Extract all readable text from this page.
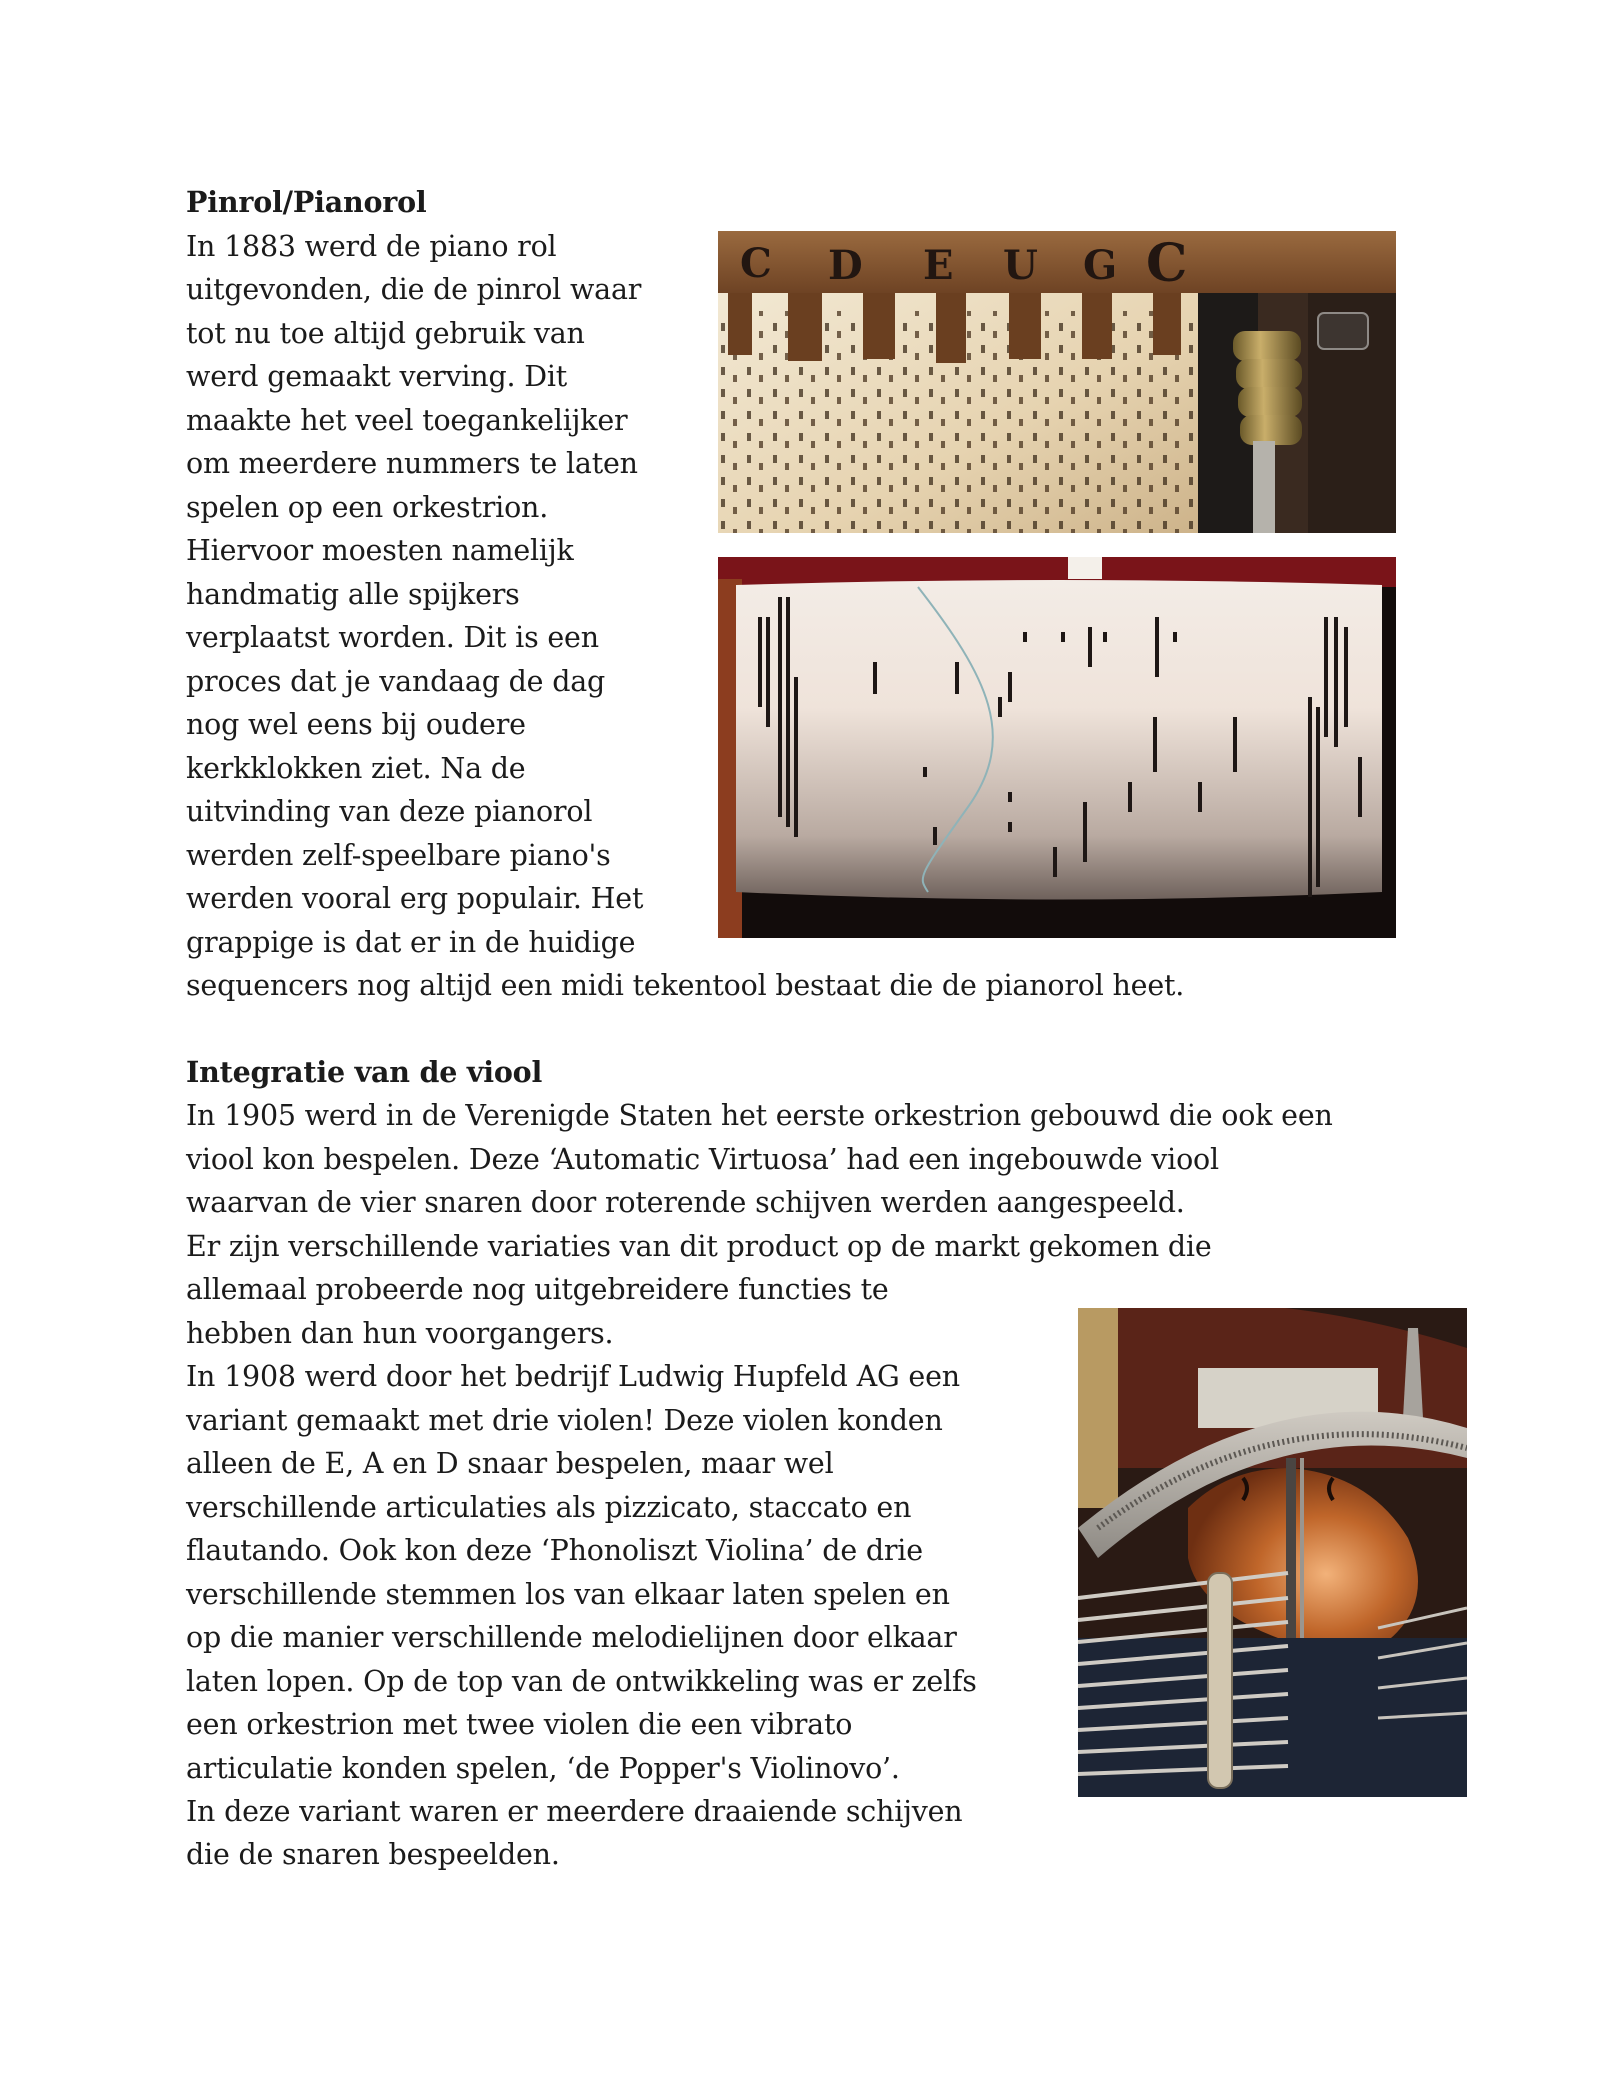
Pinrol/Pianorol
In 1883 werd de piano rol
uitgevonden, die de pinrol waar
tot nu toe altijd gebruik van
werd gemaakt verving. Dit
maakte het veel toegankelijker
om meerdere nummers te laten
spelen op een orkestrion.
Hiervoor moesten namelijk
handmatig alle spijkers
verplaatst worden. Dit is een
proces dat je vandaag de dag
nog wel eens bij oudere
kerkklokken ziet. Na de
uitvinding van deze pianorol
werden zelf-speelbare piano's
werden vooral erg populair. Het
grappige is dat er in de huidige
sequencers nog altijd een midi tekentool bestaat die de pianorol heet.
C D E U G C
Integratie van de viool
In 1905 werd in de Verenigde Staten het eerste orkestrion gebouwd die ook een
viool kon bespelen. Deze ‘Automatic Virtuosa’ had een ingebouwde viool
waarvan de vier snaren door roterende schijven werden aangespeeld.
Er zijn verschillende variaties van dit product op de markt gekomen die
allemaal probeerde nog uitgebreidere functies te
hebben dan hun voorgangers.
In 1908 werd door het bedrijf Ludwig Hupfeld AG een
variant gemaakt met drie violen! Deze violen konden
alleen de E, A en D snaar bespelen, maar wel
verschillende articulaties als pizzicato, staccato en
flautando. Ook kon deze ‘Phonoliszt Violina’ de drie
verschillende stemmen los van elkaar laten spelen en
op die manier verschillende melodielijnen door elkaar
laten lopen. Op de top van de ontwikkeling was er zelfs
een orkestrion met twee violen die een vibrato
articulatie konden spelen, ‘de Popper's Violinovo’.
In deze variant waren er meerdere draaiende schijven
die de snaren bespeelden.
